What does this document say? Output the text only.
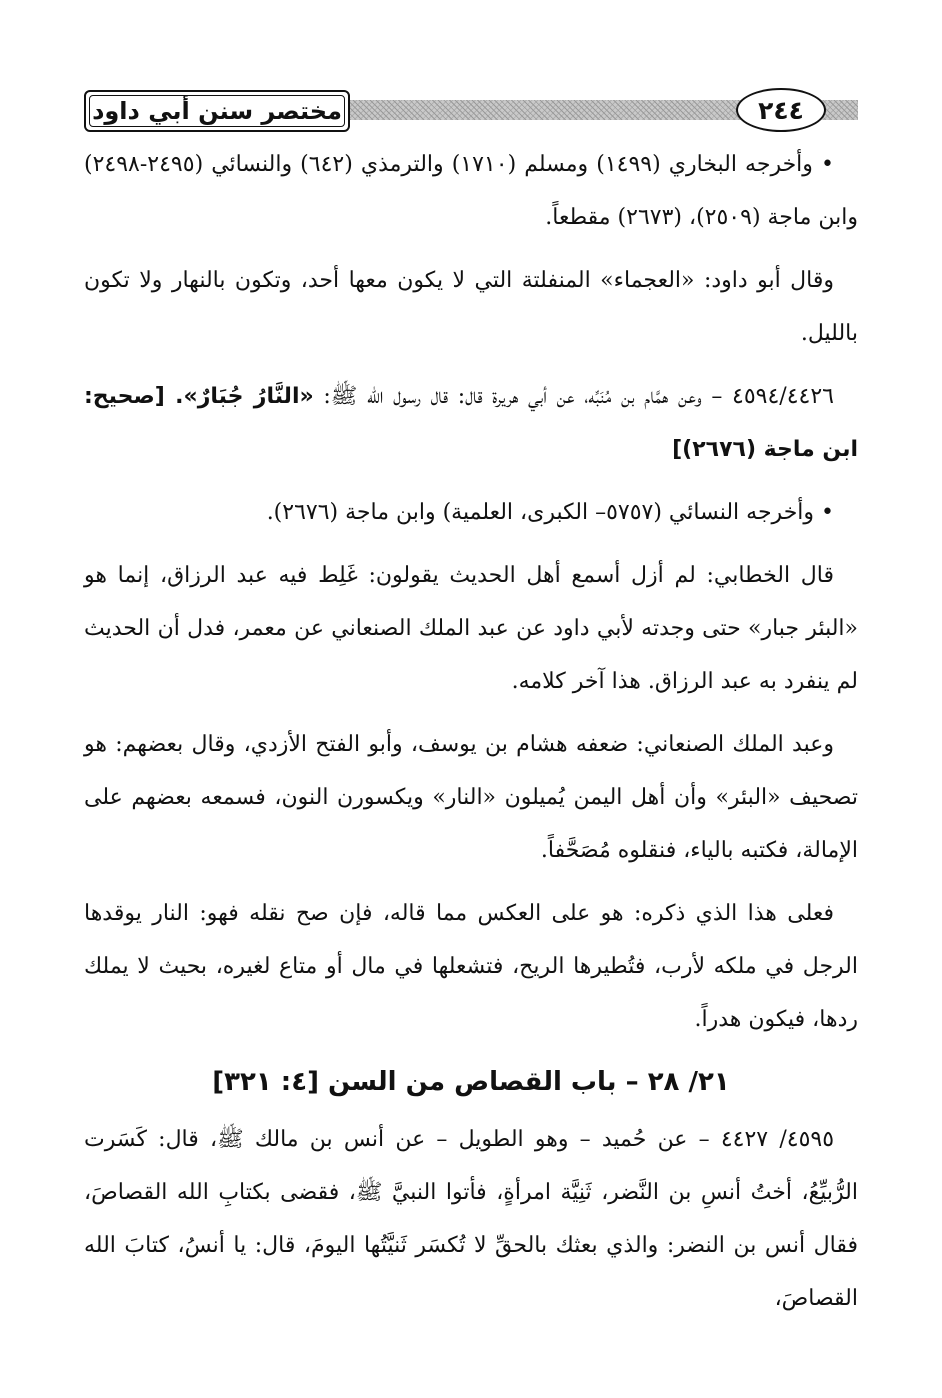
مختصر سنن أبي داود	٢٤٤

• وأخرجه البخاري (١٤٩٩) ومسلم (١٧١٠) والترمذي (٦٤٢) والنسائي (٢٤٩٥-٢٤٩٨) وابن ماجة (٢٥٠٩)، (٢٦٧٣) مقطعاً.

وقال أبو داود: «العجماء» المنفلتة التي لا يكون معها أحد، وتكون بالنهار ولا تكون بالليل.

٤٥٩٤/٤٤٢٦ – وعن همَّام بن مُنَبِّه، عن أبي هريرة قال: قال رسول الله ﷺ: «النَّارُ جُبَارٌ». [صحيح: ابن ماجة (٢٦٧٦)]

• وأخرجه النسائي (٥٧٥٧– الكبرى، العلمية) وابن ماجة (٢٦٧٦).

قال الخطابي: لم أزل أسمع أهل الحديث يقولون: غَلِط فيه عبد الرزاق، إنما هو «البئر جبار» حتى وجدته لأبي داود عن عبد الملك الصنعاني عن معمر، فدل أن الحديث لم ينفرد به عبد الرزاق. هذا آخر كلامه.

وعبد الملك الصنعاني: ضعفه هشام بن يوسف، وأبو الفتح الأزدي، وقال بعضهم: هو تصحيف «البئر» وأن أهل اليمن يُميلون «النار» ويكسورن النون، فسمعه بعضهم على الإمالة، فكتبه بالياء، فنقلوه مُصَحَّفاً.

فعلى هذا الذي ذكره: هو على العكس مما قاله، فإن صح نقله فهو: النار يوقدها الرجل في ملكه لأرب، فتُطيرها الريح، فتشعلها في مال أو متاع لغيره، بحيث لا يملك ردها، فيكون هدراً.

٢١/ ٢٨ – باب القصاص من السن [٤: ٣٢١]

٤٥٩٥/ ٤٤٢٧ – عن حُميد – وهو الطويل – عن أنس بن مالك ﷺ، قال: كَسَرت الرُّبيِّعُ، أختُ أنسِ بن النَّضر، ثَنِيَّة امرأةٍ، فأتوا النبيَّ ﷺ، فقضى بكتابِ الله القصاصَ، فقال أنس بن النضر: والذي بعثك بالحقِّ لا تُكسَر ثَنيَّتُها اليومَ، قال: يا أنسُ، كتابَ الله القصاصَ،
